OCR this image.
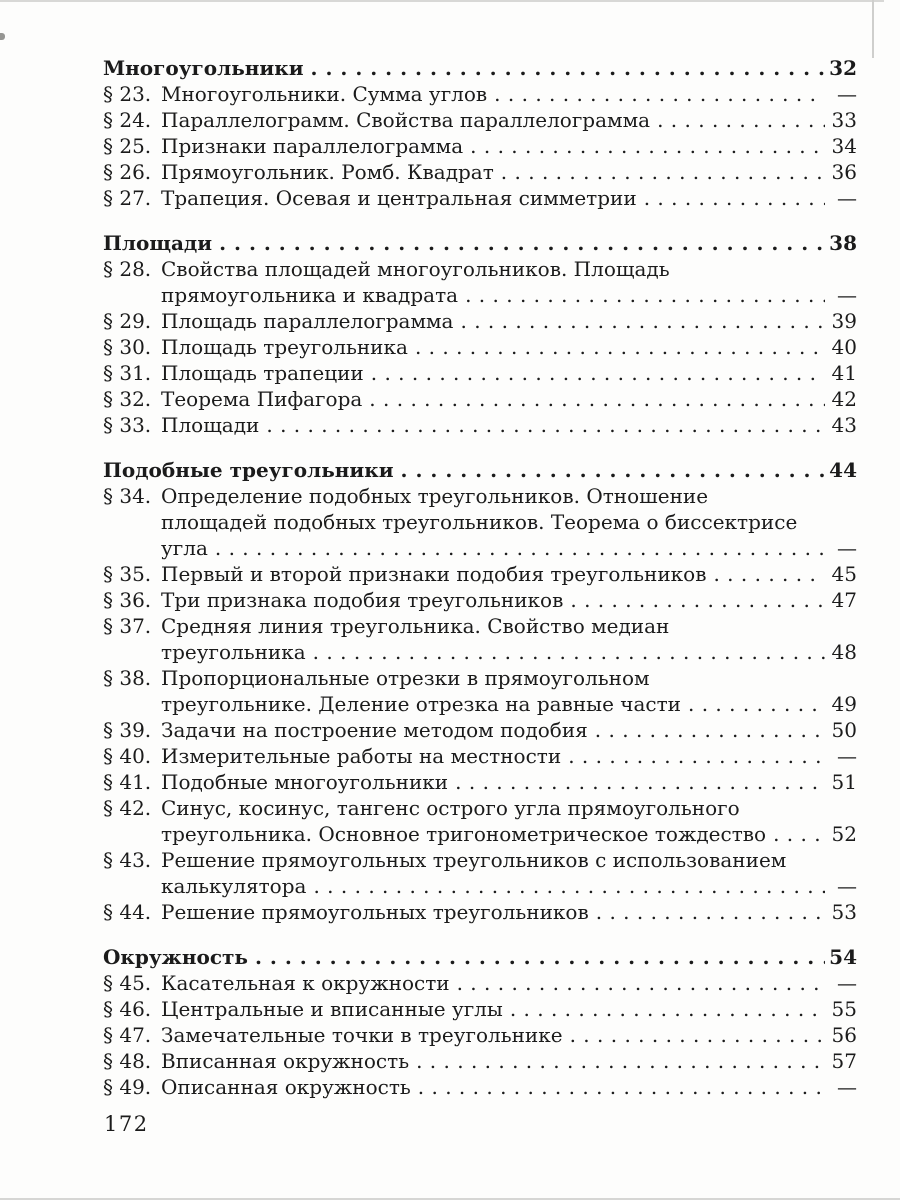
Многоугольники . . .	32
§ 23. Многоугольники. Сумма углов . . .	—
§ 24. Параллелограмм. Свойства параллелограмма . . .	33
§ 25. Признаки параллелограмма . . .	34
§ 26. Прямоугольник. Ромб. Квадрат . . .	36
§ 27. Трапеция. Осевая и центральная симметрии . . .	—
Площади . . .	38
§ 28. Свойства площадей многоугольников. Площадь
прямоугольника и квадрата . . .	—
§ 29. Площадь параллелограмма . . .	39
§ 30. Площадь треугольника . . .	40
§ 31. Площадь трапеции . . .	41
§ 32. Теорема Пифагора . . .	42
§ 33. Площади . . .	43
Подобные треугольники . . .	44
§ 34. Определение подобных треугольников. Отношение
площадей подобных треугольников. Теорема о биссектрисе
угла . . .	—
§ 35. Первый и второй признаки подобия треугольников . . .	45
§ 36. Три признака подобия треугольников . . .	47
§ 37. Средняя линия треугольника. Свойство медиан
треугольника . . .	48
§ 38. Пропорциональные отрезки в прямоугольном
треугольнике. Деление отрезка на равные части . . .	49
§ 39. Задачи на построение методом подобия . . .	50
§ 40. Измерительные работы на местности . . .	—
§ 41. Подобные многоугольники . . .	51
§ 42. Синус, косинус, тангенс острого угла прямоугольного
треугольника. Основное тригонометрическое тождество . . .	52
§ 43. Решение прямоугольных треугольников с использованием
калькулятора . . .	—
§ 44. Решение прямоугольных треугольников . . .	53
Окружность . . .	54
§ 45. Касательная к окружности . . .	—
§ 46. Центральные и вписанные углы . . .	55
§ 47. Замечательные точки в треугольнике . . .	56
§ 48. Вписанная окружность . . .	57
§ 49. Описанная окружность . . .	—
172
